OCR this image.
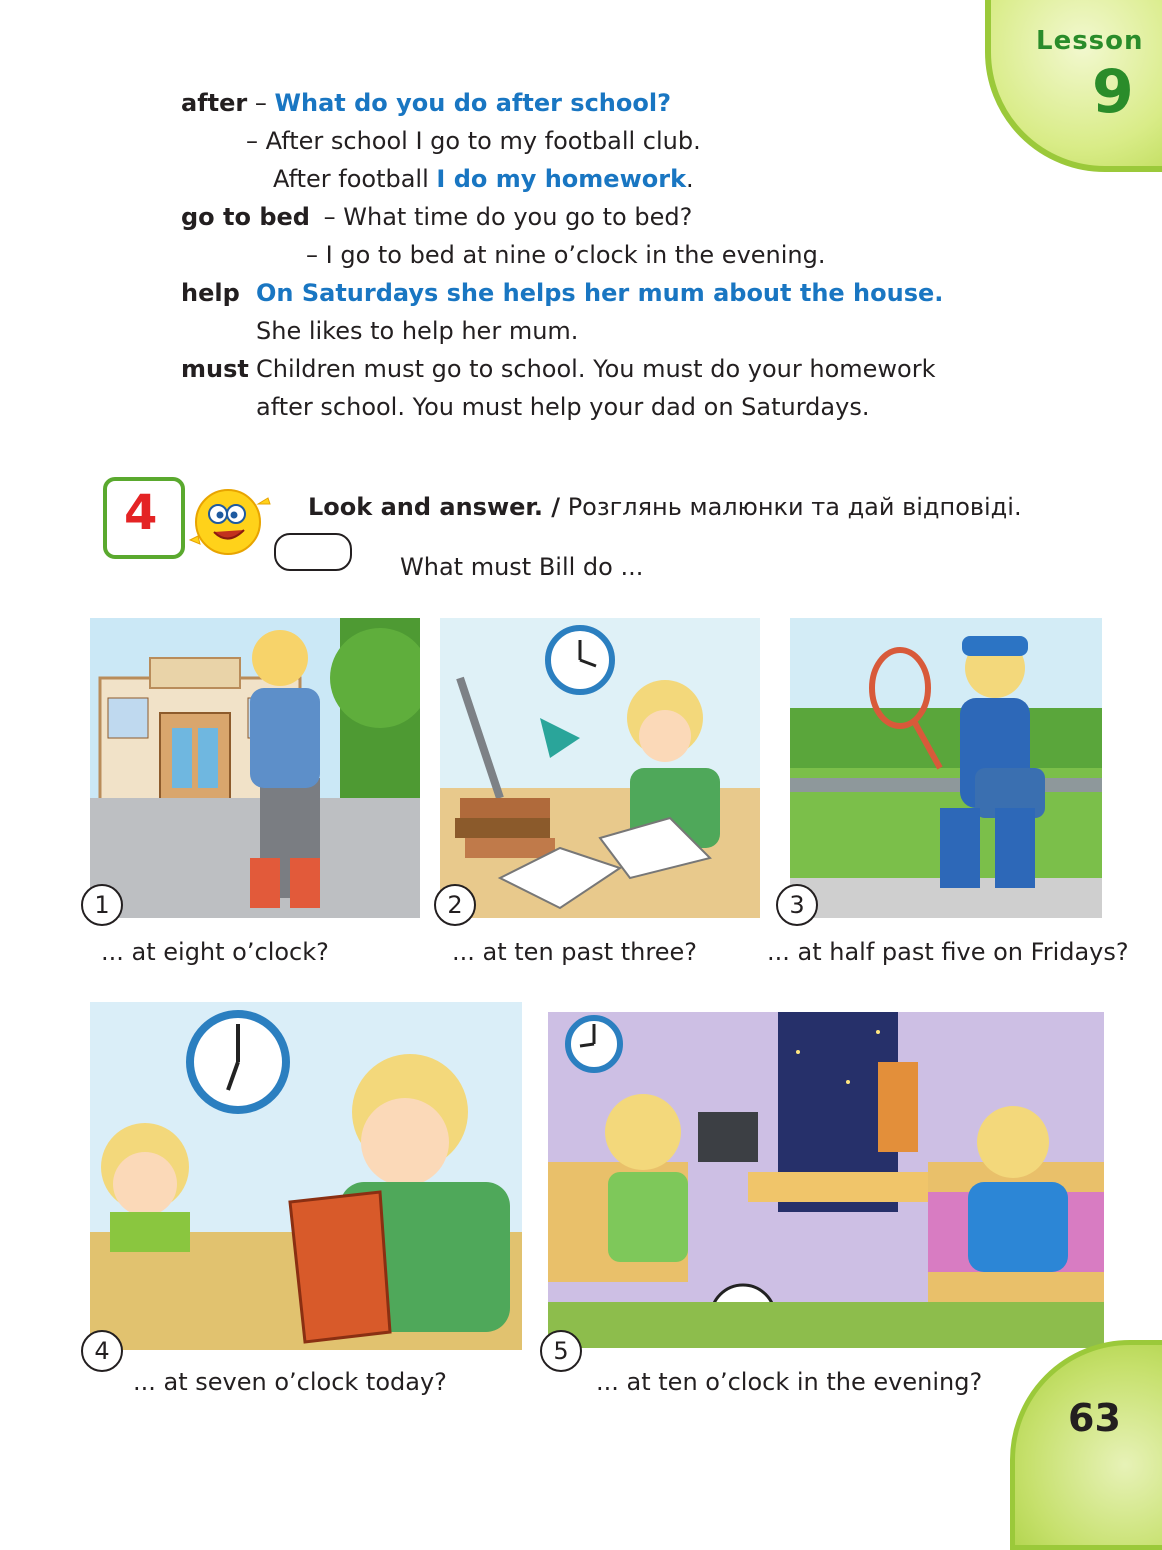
Lesson
9
after – What do you do after school?
– After school I go to my football club.
After football I do my homework.
go to bed – What time do you go to bed?
– I go to bed at nine o’clock in the evening.
help On Saturdays she helps her mum about the house.
She likes to help her mum.
must Children must go to school. You must do your homework
after school. You must help your dad on Saturdays.
4	Look and answer. / Розглянь малюнки та дай відповіді.
What must Bill do ...
1
... at eight o’clock?
2
... at ten past three?
3
... at half past five on Fridays?
4
... at seven o’clock today?
5
... at ten o’clock in the evening?
63
